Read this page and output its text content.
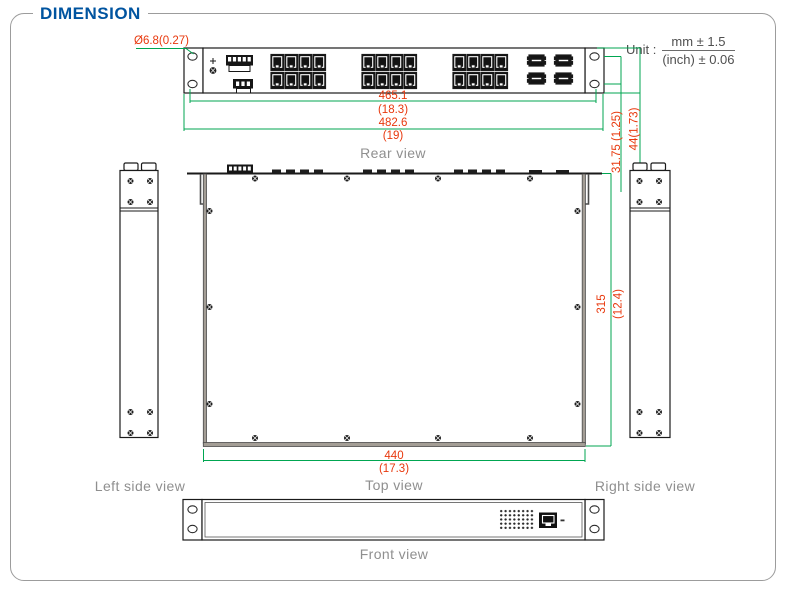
DIMENSION
Unit : $\frac{mm \pm 1.5}{\text{(inch) ± 0.06}}$
Ø6.8(0.27)
465.1
(18.3)
482.6
(19)	31.75 (1.25) 44(1.73)
315 (12.4)
440
(17.3)
Rear view
Top view
Left side view	Right side view
Front view
